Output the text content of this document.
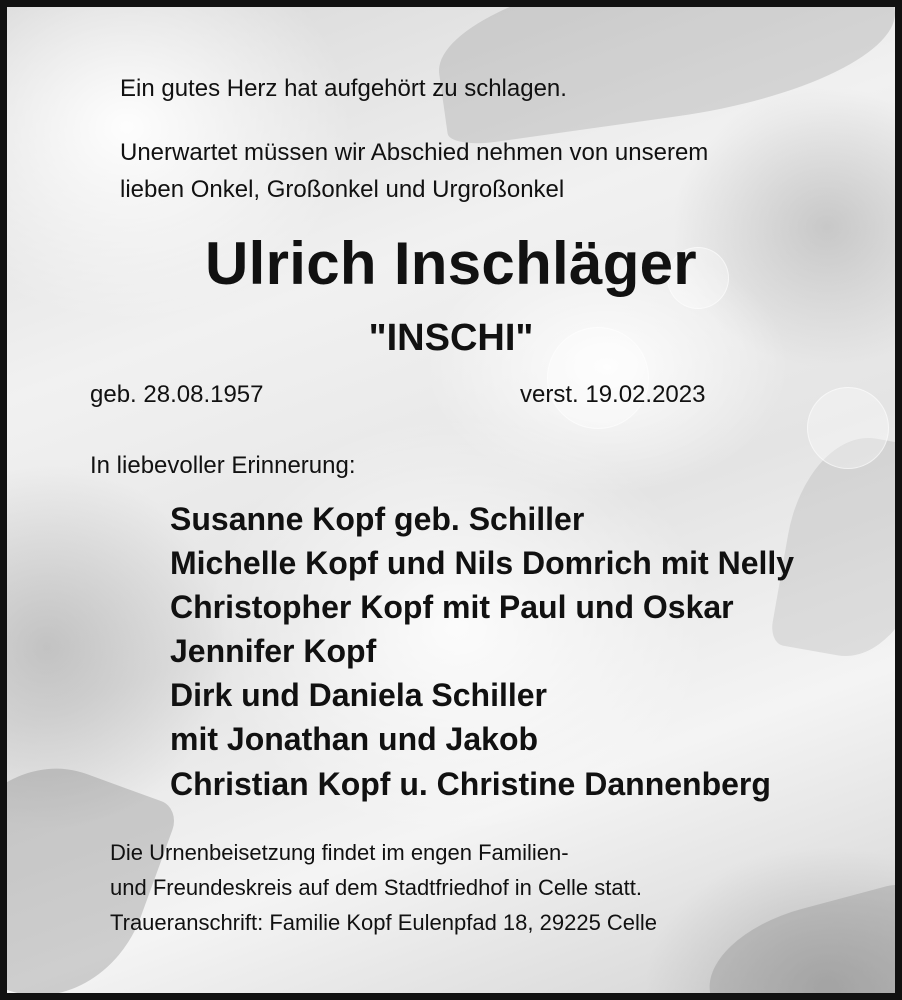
Ein gutes Herz hat aufgehört zu schlagen.
Unerwartet müssen wir Abschied nehmen von unserem
lieben Onkel, Großonkel und Urgroßonkel
Ulrich Inschläger
"INSCHI"
geb. 28.08.1957	verst. 19.02.2023
In liebevoller Erinnerung:
Susanne Kopf geb. Schiller
Michelle Kopf und Nils Domrich mit Nelly
Christopher Kopf mit Paul und Oskar
Jennifer Kopf
Dirk und Daniela Schiller
mit Jonathan und Jakob
Christian Kopf u. Christine Dannenberg
Die Urnenbeisetzung findet im engen Familien-
und Freundeskreis auf dem Stadtfriedhof in Celle statt.
Traueranschrift: Familie Kopf Eulenpfad 18, 29225 Celle
